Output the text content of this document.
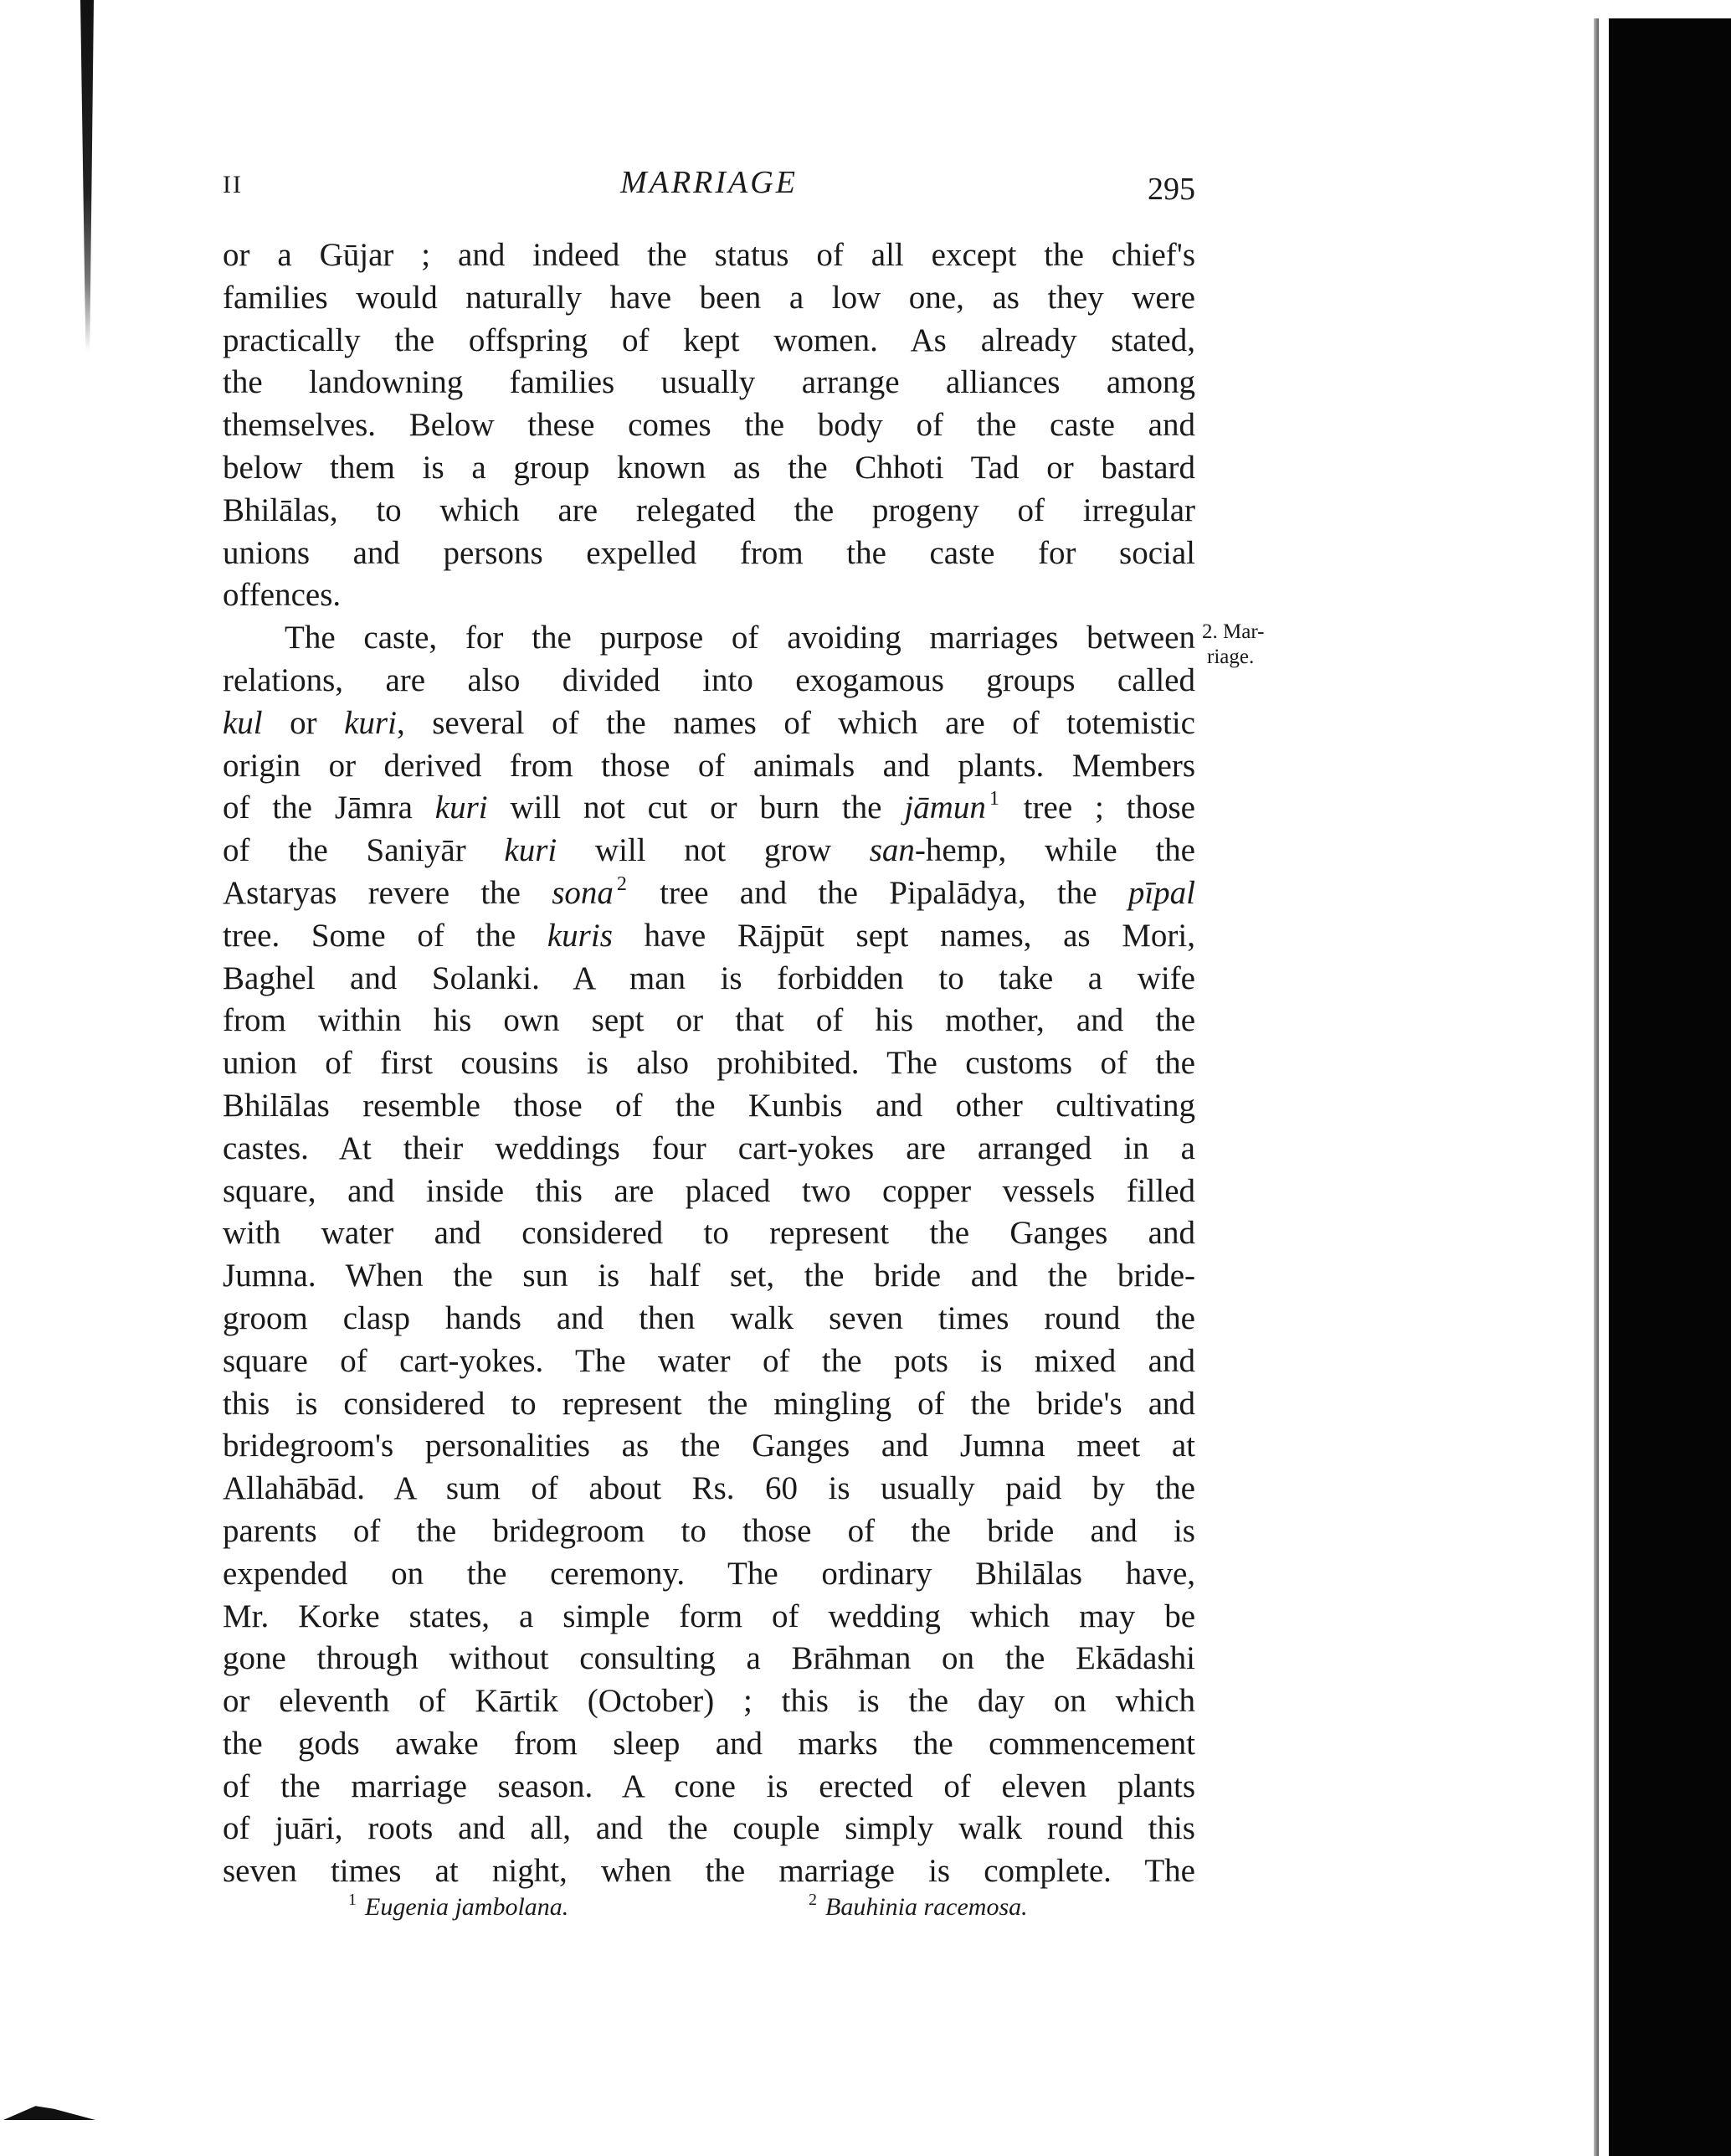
II	MARRIAGE	295
or a Gūjar ; and indeed the status of all except the chief's
families would naturally have been a low one, as they were
practically the offspring of kept women. As already stated,
the landowning families usually arrange alliances among
themselves. Below these comes the body of the caste and
below them is a group known as the Chhoti Tad or bastard
Bhilālas, to which are relegated the progeny of irregular
unions and persons expelled from the caste for social
offences.
The caste, for the purpose of avoiding marriages between
relations, are also divided into exogamous groups called
kul or kuri, several of the names of which are of totemistic
origin or derived from those of animals and plants. Members
of the Jāmra kuri will not cut or burn the jāmun $^1$ tree ; those
of the Saniyār kuri will not grow san-hemp, while the
Astaryas revere the sona $^2$ tree and the Pipalādya, the pīpal
tree. Some of the kuris have Rājpūt sept names, as Mori,
Baghel and Solanki. A man is forbidden to take a wife
from within his own sept or that of his mother, and the
union of first cousins is also prohibited. The customs of the
Bhilālas resemble those of the Kunbis and other cultivating
castes. At their weddings four cart-yokes are arranged in a
square, and inside this are placed two copper vessels filled
with water and considered to represent the Ganges and
Jumna. When the sun is half set, the bride and the bride-
groom clasp hands and then walk seven times round the
square of cart-yokes. The water of the pots is mixed and
this is considered to represent the mingling of the bride's and
bridegroom's personalities as the Ganges and Jumna meet at
Allahābād. A sum of about Rs. 60 is usually paid by the
parents of the bridegroom to those of the bride and is
expended on the ceremony. The ordinary Bhilālas have,
Mr. Korke states, a simple form of wedding which may be
gone through without consulting a Brāhman on the Ekādashi
or eleventh of Kārtik (October) ; this is the day on which
the gods awake from sleep and marks the commencement
of the marriage season. A cone is erected of eleven plants
of juāri, roots and all, and the couple simply walk round this
seven times at night, when the marriage is complete. The
2. Mar-
riage.
$^1$ Eugenia jambolana.	$^2$ Bauhinia racemosa.
